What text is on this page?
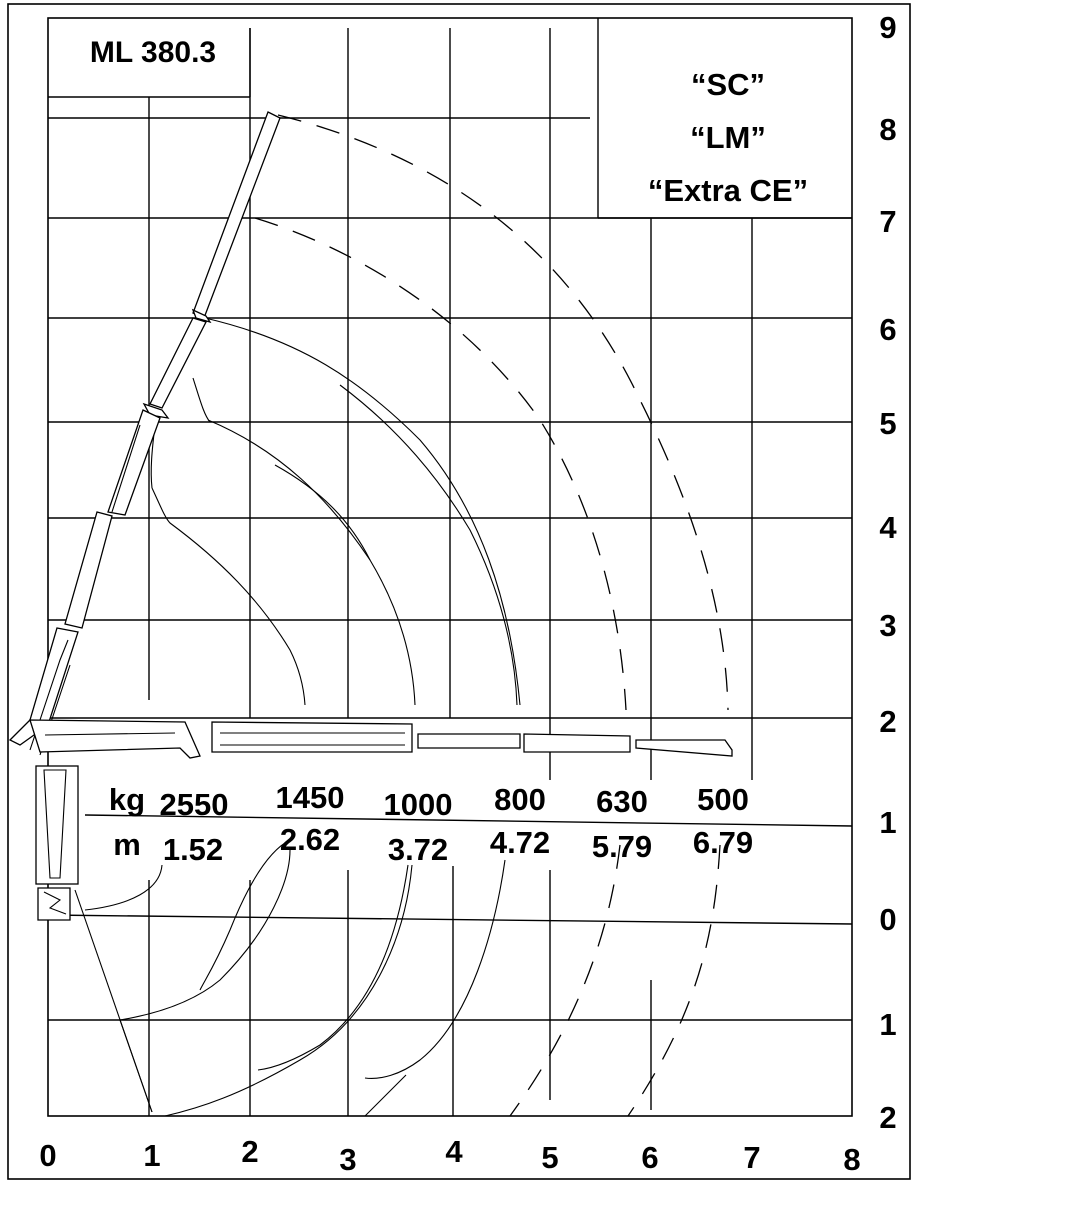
ML 380.3
“SC”
“LM”
“Extra CE”
kg
m
2550 1450 1000 800 630 500
1.52 2.62 3.72 4.72 5.79 6.79
0	1	2	3	4	5	6	7	8
9
8
7
6
5
4
3
2
1
0
1
2
